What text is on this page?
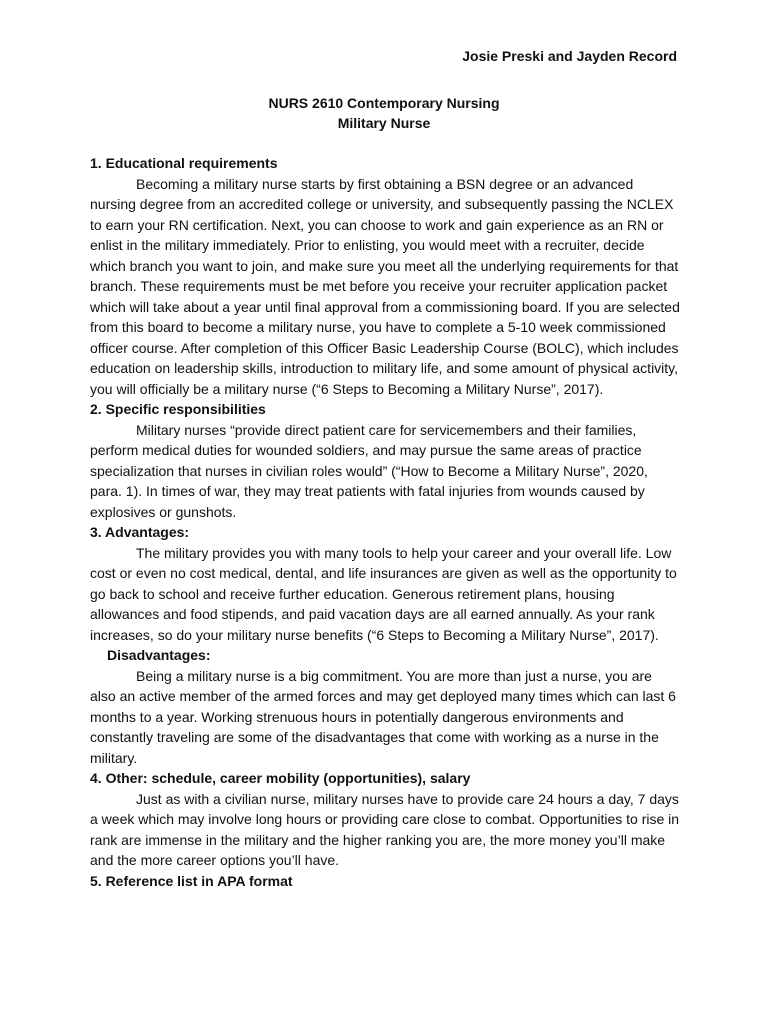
Josie Preski and Jayden Record
NURS 2610 Contemporary Nursing
Military Nurse

1. Educational requirements

Becoming a military nurse starts by first obtaining a BSN degree or an advanced nursing degree from an accredited college or university, and subsequently passing the NCLEX to earn your RN certification. Next, you can choose to work and gain experience as an RN or enlist in the military immediately. Prior to enlisting, you would meet with a recruiter, decide which branch you want to join, and make sure you meet all the underlying requirements for that branch. These requirements must be met before you receive your recruiter application packet which will take about a year until final approval from a commissioning board. If you are selected from this board to become a military nurse, you have to complete a 5-10 week commissioned officer course. After completion of this Officer Basic Leadership Course (BOLC), which includes education on leadership skills, introduction to military life, and some amount of physical activity, you will officially be a military nurse (“6 Steps to Becoming a Military Nurse”, 2017).

2. Specific responsibilities

Military nurses “provide direct patient care for servicemembers and their families, perform medical duties for wounded soldiers, and may pursue the same areas of practice specialization that nurses in civilian roles would” (“How to Become a Military Nurse”, 2020, para. 1). In times of war, they may treat patients with fatal injuries from wounds caused by explosives or gunshots.

3. Advantages:

The military provides you with many tools to help your career and your overall life. Low cost or even no cost medical, dental, and life insurances are given as well as the opportunity to go back to school and receive further education. Generous retirement plans, housing allowances and food stipends, and paid vacation days are all earned annually. As your rank increases, so do your military nurse benefits (“6 Steps to Becoming a Military Nurse”, 2017).

Disadvantages:

Being a military nurse is a big commitment. You are more than just a nurse, you are also an active member of the armed forces and may get deployed many times which can last 6 months to a year. Working strenuous hours in potentially dangerous environments and constantly traveling are some of the disadvantages that come with working as a nurse in the military.

4. Other: schedule, career mobility (opportunities), salary

Just as with a civilian nurse, military nurses have to provide care 24 hours a day, 7 days a week which may involve long hours or providing care close to combat. Opportunities to rise in rank are immense in the military and the higher ranking you are, the more money you’ll make and the more career options you’ll have.

5. Reference list in APA format
